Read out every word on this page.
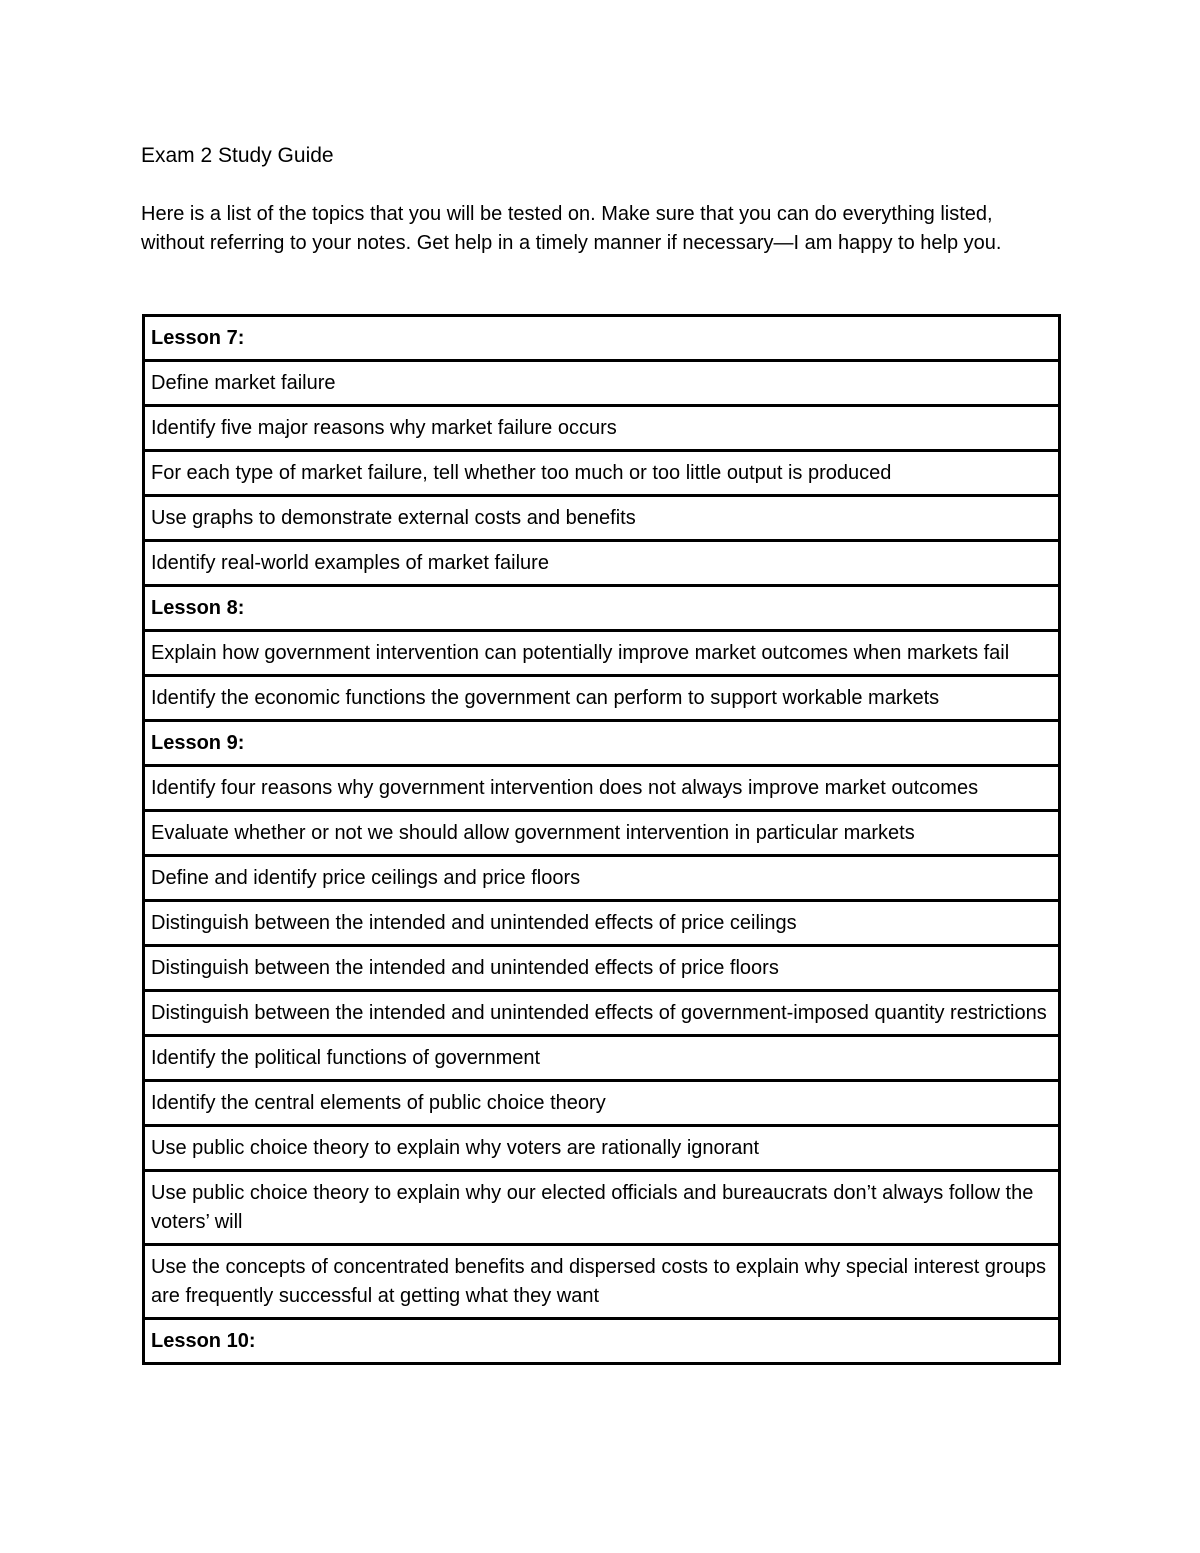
Exam 2 Study Guide

Here is a list of the topics that you will be tested on. Make sure that you can do everything listed, without referring to your notes. Get help in a timely manner if necessary—I am happy to help you.

Lesson 7:
Define market failure
Identify five major reasons why market failure occurs
For each type of market failure, tell whether too much or too little output is produced
Use graphs to demonstrate external costs and benefits
Identify real-world examples of market failure
Lesson 8:
Explain how government intervention can potentially improve market outcomes when markets fail
Identify the economic functions the government can perform to support workable markets
Lesson 9:
Identify four reasons why government intervention does not always improve market outcomes
Evaluate whether or not we should allow government intervention in particular markets
Define and identify price ceilings and price floors
Distinguish between the intended and unintended effects of price ceilings
Distinguish between the intended and unintended effects of price floors
Distinguish between the intended and unintended effects of government-imposed quantity restrictions
Identify the political functions of government
Identify the central elements of public choice theory
Use public choice theory to explain why voters are rationally ignorant
Use public choice theory to explain why our elected officials and bureaucrats don’t always follow the voters’ will
Use the concepts of concentrated benefits and dispersed costs to explain why special interest groups are frequently successful at getting what they want
Lesson 10:
